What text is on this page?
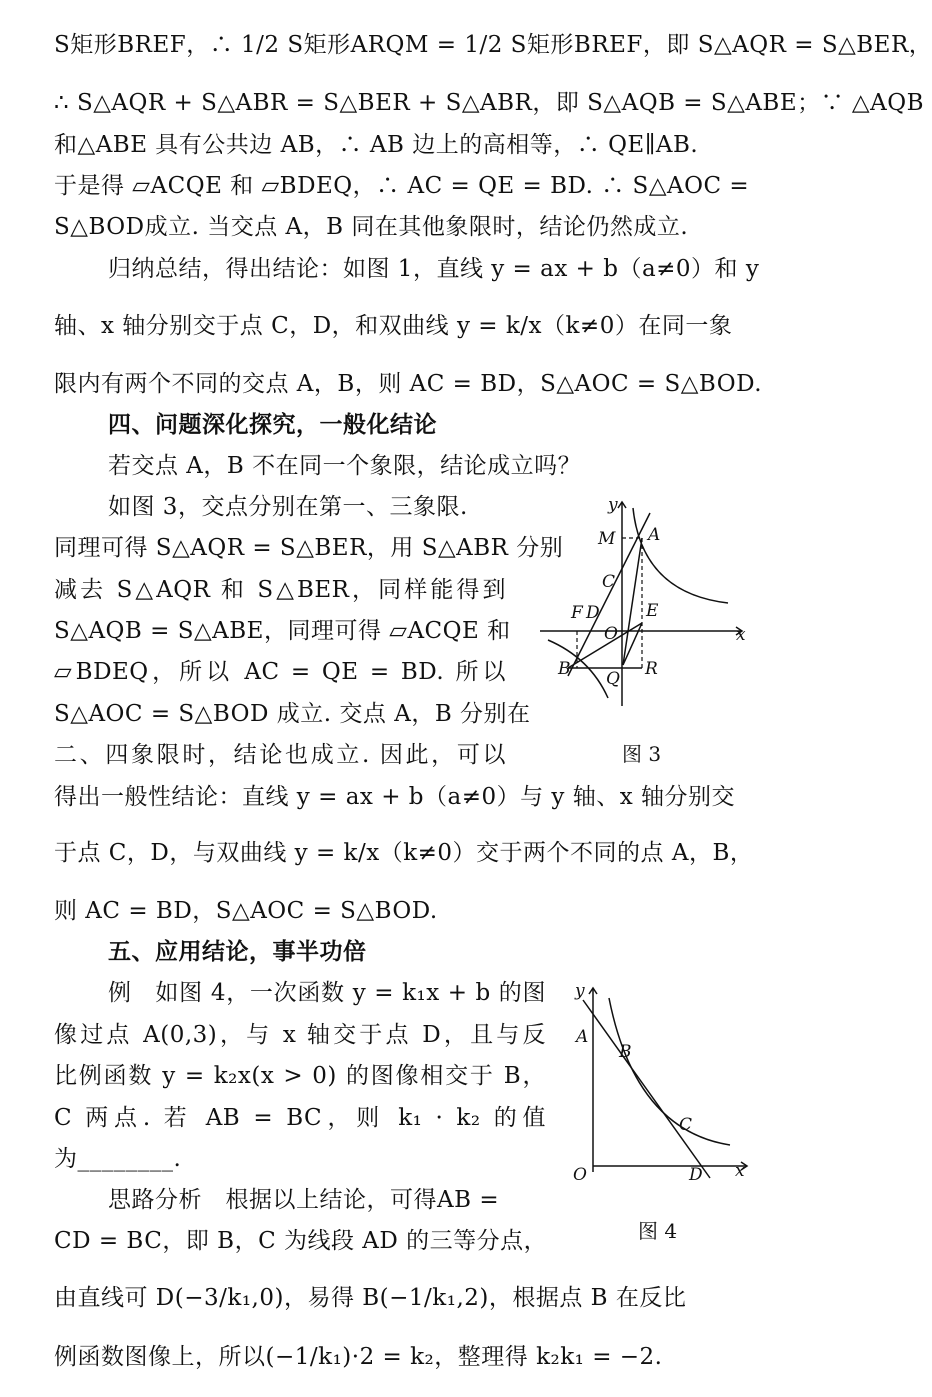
S矩形BREF，∴ 1/2 S矩形ARQM = 1/2 S矩形BREF，即 S△AQR = S△BER，
∴ S△AQR + S△ABR = S△BER + S△ABR，即 S△AQB = S△ABE；∵ △AQB
和△ABE 具有公共边 AB，∴ AB 边上的高相等，∴ QE∥AB.
于是得 ▱ACQE 和 ▱BDEQ，∴ AC = QE = BD. ∴ S△AOC =
S△BOD成立. 当交点 A，B 同在其他象限时，结论仍然成立.
归纳总结，得出结论：如图 1，直线 y = ax + b（a≠0）和 y
轴、x 轴分别交于点 C，D，和双曲线 y = k/x（k≠0）在同一象
限内有两个不同的交点 A，B，则 AC = BD，S△AOC = S△BOD.
四、问题深化探究，一般化结论
若交点 A，B 不在同一个象限，结论成立吗？
如图 3，交点分别在第一、三象限.
同理可得 S△AQR = S△BER，用 S△ABR 分别
减去 S△AQR 和 S△BER，同样能得到
S△AQB = S△ABE，同理可得 ▱ACQE 和
▱BDEQ，所以 AC = QE = BD. 所以
S△AOC = S△BOD 成立. 交点 A，B 分别在
二、四象限时，结论也成立. 因此，可以
得出一般性结论：直线 y = ax + b（a≠0）与 y 轴、x 轴分别交
于点 C，D，与双曲线 y = k/x（k≠0）交于两个不同的点 A，B，
则 AC = BD，S△AOC = S△BOD.
五、应用结论，事半功倍
例　如图 4，一次函数 y = k₁x + b 的图
像过点 A(0,3)，与 x 轴交于点 D，且与反
比例函数 y = k₂x(x > 0) 的图像相交于 B，
C 两点. 若 AB = BC，则 k₁ · k₂ 的值
为________.
思路分析　根据以上结论，可得AB =
CD = BC，即 B，C 为线段 AD 的三等分点，
由直线可 D(−3/k₁,0)，易得 B(−1/k₁,2)，根据点 B 在反比
例函数图像上，所以(−1/k₁)·2 = k₂，整理得 k₂k₁ = −2.
y
x
M A
C
F D
O
E
B Q R
图 3
y
x
A
B
C
O	D
图 4
